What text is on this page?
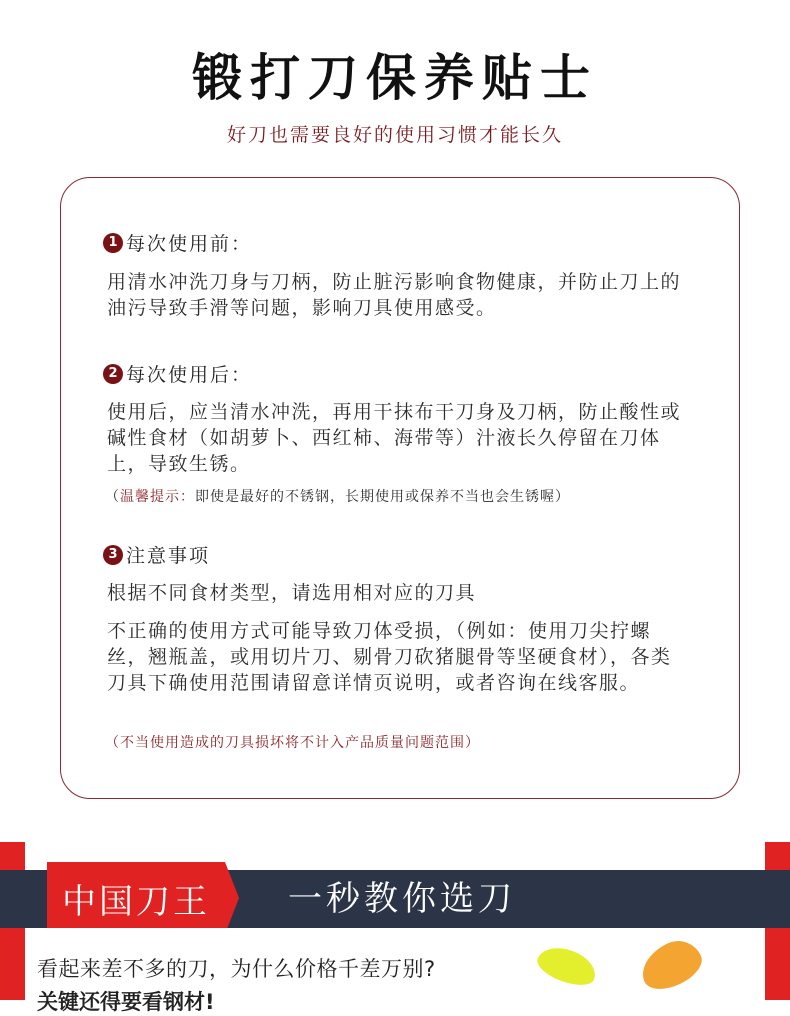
锻打刀保养贴士

好刀也需要良好的使用习惯才能长久

1 每次使用前：

用清水冲洗刀身与刀柄，防止脏污影响食物健康，并防止刀上的油污导致手滑等问题，影响刀具使用感受。

2 每次使用后：

使用后，应当清水冲洗，再用干抹布干刀身及刀柄，防止酸性或碱性食材（如胡萝卜、西红柿、海带等）汁液长久停留在刀体上，导致生锈。

（温馨提示：即使是最好的不锈钢，长期使用或保养不当也会生锈喔）

3 注意事项

根据不同食材类型，请选用相对应的刀具

不正确的使用方式可能导致刀体受损，（例如：使用刀尖拧螺丝，翘瓶盖，或用切片刀、剔骨刀砍猪腿骨等坚硬食材），各类刀具下确使用范围请留意详情页说明，或者咨询在线客服。

（不当使用造成的刀具损坏将不计入产品质量问题范围）

中国刀王	一秒教你选刀

看起来差不多的刀，为什么价格千差万别?

关键还得要看钢材!
